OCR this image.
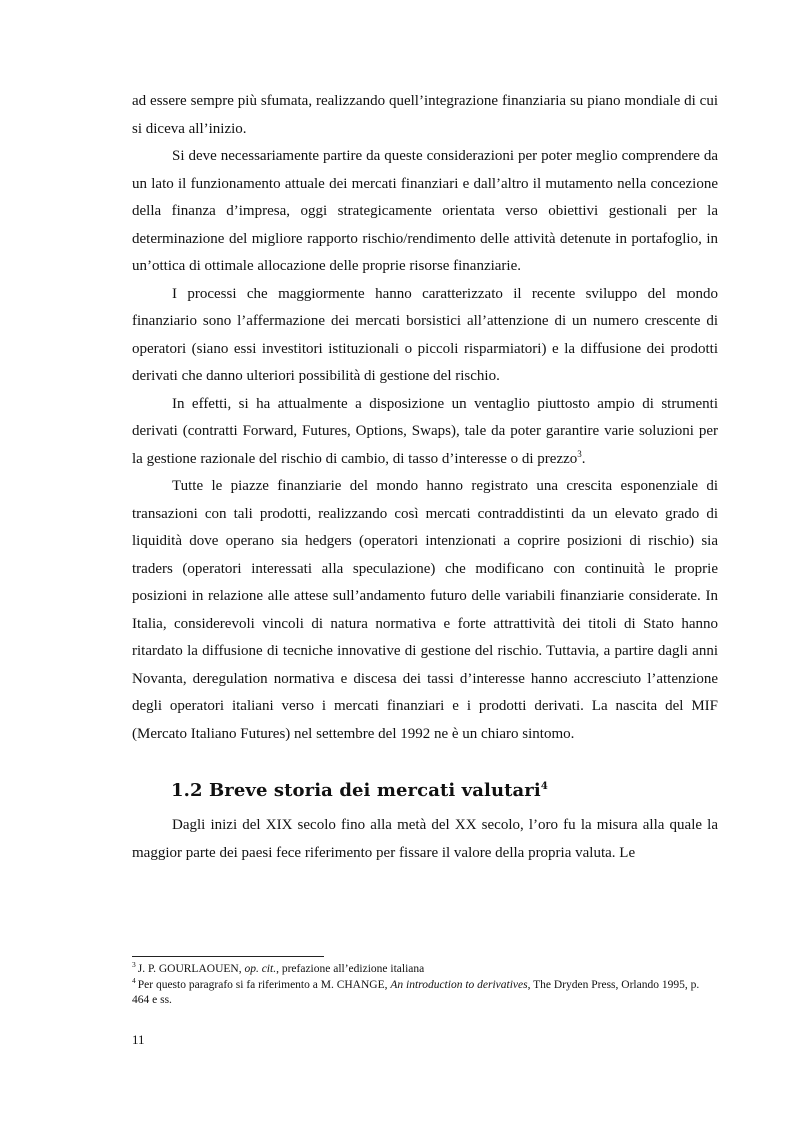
ad essere sempre più sfumata, realizzando quell’integrazione finanziaria su piano mondiale di cui si diceva all’inizio.

Si deve necessariamente partire da queste considerazioni per poter meglio comprendere da un lato il funzionamento attuale dei mercati finanziari e dall’altro il mutamento nella concezione della finanza d’impresa, oggi strategicamente orientata verso obiettivi gestionali per la determinazione del migliore rapporto rischio/rendimento delle attività detenute in portafoglio, in un’ottica di ottimale allocazione delle proprie risorse finanziarie.

I processi che maggiormente hanno caratterizzato il recente sviluppo del mondo finanziario sono l’affermazione dei mercati borsistici all’attenzione di un numero crescente di operatori (siano essi investitori istituzionali o piccoli risparmiatori) e la diffusione dei prodotti derivati che danno ulteriori possibilità di gestione del rischio.

In effetti, si ha attualmente a disposizione un ventaglio piuttosto ampio di strumenti derivati (contratti Forward, Futures, Options, Swaps), tale da poter garantire varie soluzioni per la gestione razionale del rischio di cambio, di tasso d’interesse o di prezzo$^3$.

Tutte le piazze finanziarie del mondo hanno registrato una crescita esponenziale di transazioni con tali prodotti, realizzando così mercati contraddistinti da un elevato grado di liquidità dove operano sia hedgers (operatori intenzionati a coprire posizioni di rischio) sia traders (operatori interessati alla speculazione) che modificano con continuità le proprie posizioni in relazione alle attese sull’andamento futuro delle variabili finanziarie considerate. In Italia, considerevoli vincoli di natura normativa e forte attrattività dei titoli di Stato hanno ritardato la diffusione di tecniche innovative di gestione del rischio. Tuttavia, a partire dagli anni Novanta, deregulation normativa e discesa dei tassi d’interesse hanno accresciuto l’attenzione degli operatori italiani verso i mercati finanziari e i prodotti derivati. La nascita del MIF (Mercato Italiano Futures) nel settembre del 1992 ne è un chiaro sintomo.

1.2 Breve storia dei mercati valutari$^4$

Dagli inizi del XIX secolo fino alla metà del XX secolo, l’oro fu la misura alla quale la maggior parte dei paesi fece riferimento per fissare il valore della propria valuta. Le

$^3$ J. P. GOURLAOUEN, op. cit., prefazione all’edizione italiana

$^4$ Per questo paragrafo si fa riferimento a M. CHANGE, An introduction to derivatives, The Dryden Press, Orlando 1995, p. 464 e ss.

11
